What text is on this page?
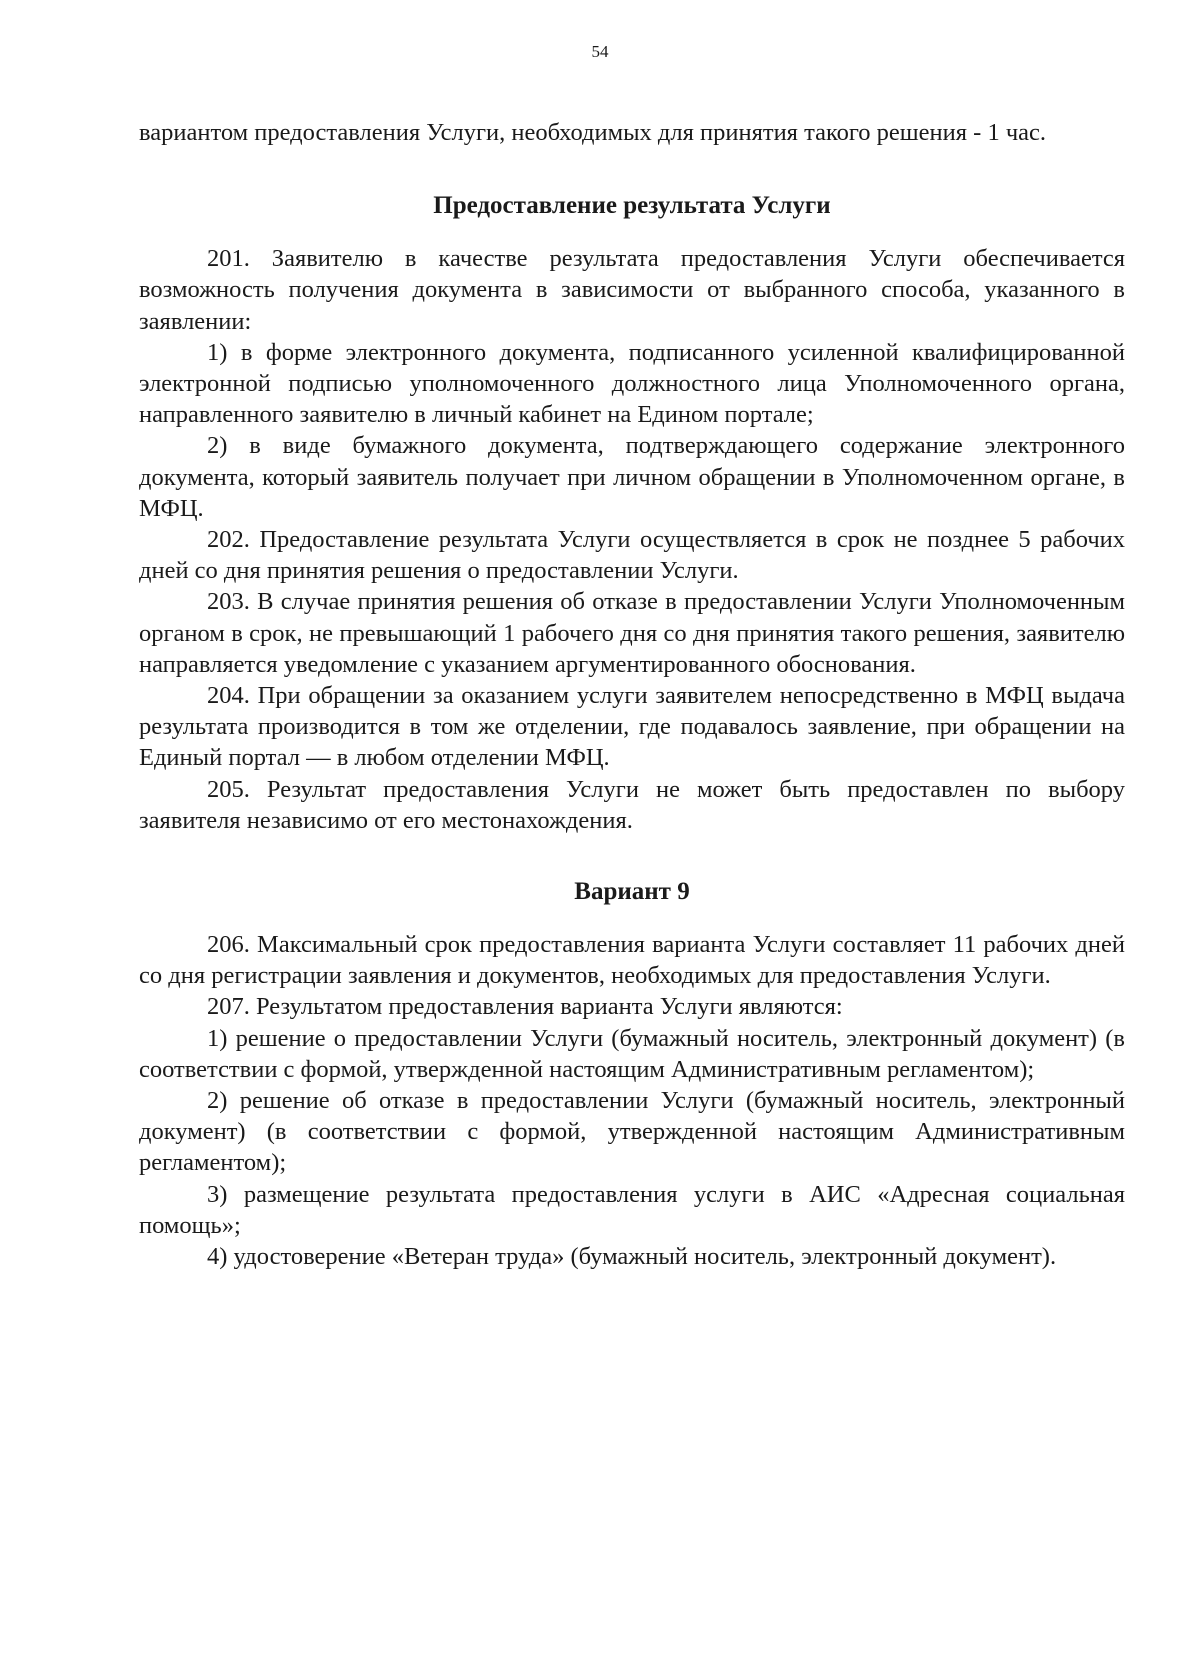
54

вариантом предоставления Услуги, необходимых для принятия такого решения - 1 час.

Предоставление результата Услуги

201. Заявителю в качестве результата предоставления Услуги обеспечивается возможность получения документа в зависимости от выбранного способа, указанного в заявлении:

1) в форме электронного документа, подписанного усиленной квалифицированной электронной подписью уполномоченного должностного лица Уполномоченного органа, направленного заявителю в личный кабинет на Едином портале;

2) в виде бумажного документа, подтверждающего содержание электронного документа, который заявитель получает при личном обращении в Уполномоченном органе, в МФЦ.

202. Предоставление результата Услуги осуществляется в срок не позднее 5 рабочих дней со дня принятия решения о предоставлении Услуги.

203. В случае принятия решения об отказе в предоставлении Услуги Уполномоченным органом в срок, не превышающий 1 рабочего дня со дня принятия такого решения, заявителю направляется уведомление с указанием аргументированного обоснования.

204. При обращении за оказанием услуги заявителем непосредственно в МФЦ выдача результата производится в том же отделении, где подавалось заявление, при обращении на Единый портал — в любом отделении МФЦ.

205. Результат предоставления Услуги не может быть предоставлен по выбору заявителя независимо от его местонахождения.

Вариант 9

206. Максимальный срок предоставления варианта Услуги составляет 11 рабочих дней со дня регистрации заявления и документов, необходимых для предоставления Услуги.

207. Результатом предоставления варианта Услуги являются:

1) решение о предоставлении Услуги (бумажный носитель, электронный документ) (в соответствии с формой, утвержденной настоящим Административным регламентом);

2) решение об отказе в предоставлении Услуги (бумажный носитель, электронный документ) (в соответствии с формой, утвержденной настоящим Административным регламентом);

3) размещение результата предоставления услуги в АИС «Адресная социальная помощь»;

4) удостоверение «Ветеран труда» (бумажный носитель, электронный документ).
